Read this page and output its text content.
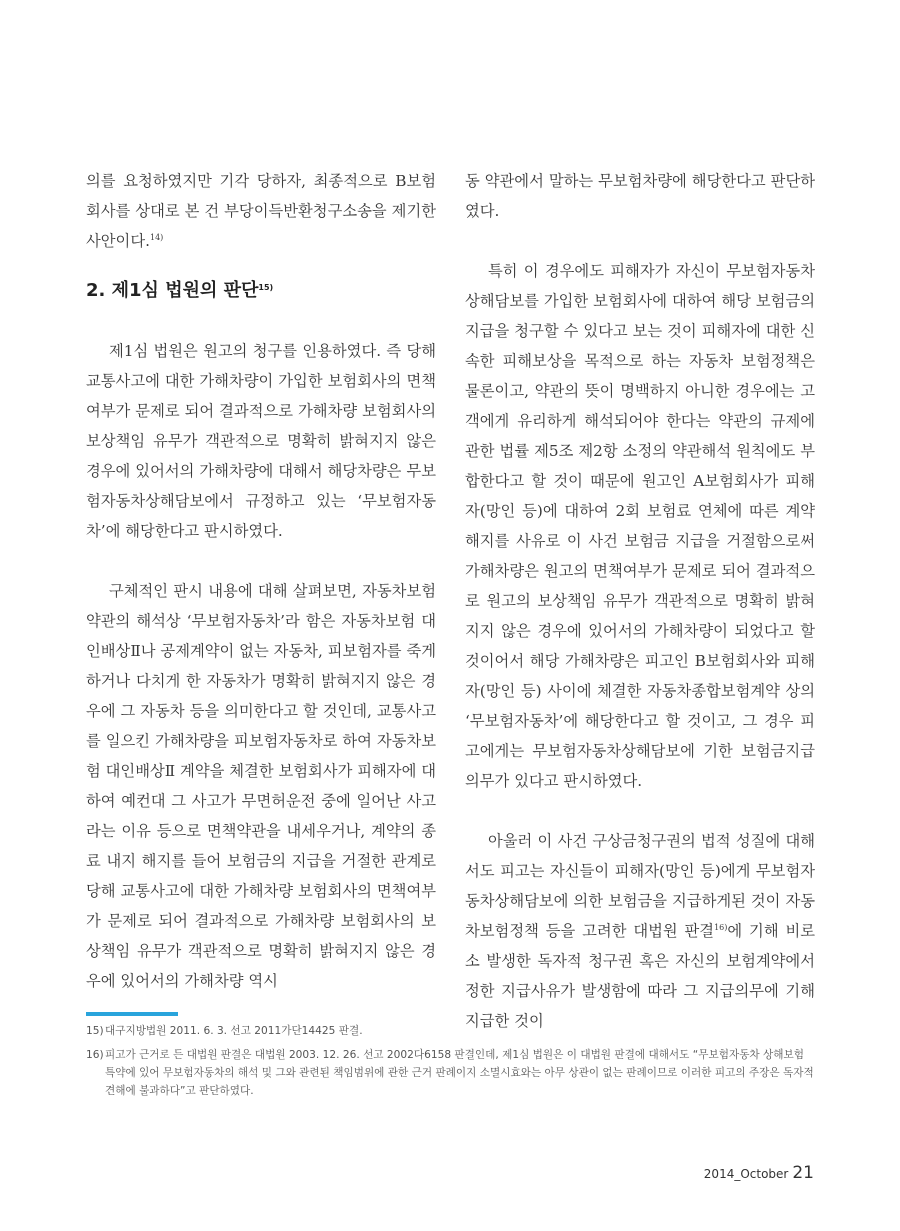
의를 요청하였지만 기각 당하자, 최종적으로 B보험회사를 상대로 본 건 부당이득반환청구소송을 제기한 사안이다.$^{14)}$

2. 제1심 법원의 판단$^{15)}$

제1심 법원은 원고의 청구를 인용하였다. 즉 당해 교통사고에 대한 가해차량이 가입한 보험회사의 면책여부가 문제로 되어 결과적으로 가해차량 보험회사의 보상책임 유무가 객관적으로 명확히 밝혀지지 않은 경우에 있어서의 가해차량에 대해서 해당차량은 무보험자동차상해담보에서 규정하고 있는 ‘무보험자동차’에 해당한다고 판시하였다.

구체적인 판시 내용에 대해 살펴보면, 자동차보험약관의 해석상 ‘무보험자동차’라 함은 자동차보험 대인배상Ⅱ나 공제계약이 없는 자동차, 피보험자를 죽게 하거나 다치게 한 자동차가 명확히 밝혀지지 않은 경우에 그 자동차 등을 의미한다고 할 것인데, 교통사고를 일으킨 가해차량을 피보험자동차로 하여 자동차보험 대인배상Ⅱ 계약을 체결한 보험회사가 피해자에 대하여 예컨대 그 사고가 무면허운전 중에 일어난 사고라는 이유 등으로 면책약관을 내세우거나, 계약의 종료 내지 해지를 들어 보험금의 지급을 거절한 관계로 당해 교통사고에 대한 가해차량 보험회사의 면책여부가 문제로 되어 결과적으로 가해차량 보험회사의 보상책임 유무가 객관적으로 명확히 밝혀지지 않은 경우에 있어서의 가해차량 역시

동 약관에서 말하는 무보험차량에 해당한다고 판단하였다.

특히 이 경우에도 피해자가 자신이 무보험자동차상해담보를 가입한 보험회사에 대하여 해당 보험금의 지급을 청구할 수 있다고 보는 것이 피해자에 대한 신속한 피해보상을 목적으로 하는 자동차 보험정책은 물론이고, 약관의 뜻이 명백하지 아니한 경우에는 고객에게 유리하게 해석되어야 한다는 약관의 규제에 관한 법률 제5조 제2항 소정의 약관해석 원칙에도 부합한다고 할 것이 때문에 원고인 A보험회사가 피해자(망인 등)에 대하여 2회 보험료 연체에 따른 계약해지를 사유로 이 사건 보험금 지급을 거절함으로써 가해차량은 원고의 면책여부가 문제로 되어 결과적으로 원고의 보상책임 유무가 객관적으로 명확히 밝혀지지 않은 경우에 있어서의 가해차량이 되었다고 할 것이어서 해당 가해차량은 피고인 B보험회사와 피해자(망인 등) 사이에 체결한 자동차종합보험계약 상의 ‘무보험자동차’에 해당한다고 할 것이고, 그 경우 피고에게는 무보험자동차상해담보에 기한 보험금지급의무가 있다고 판시하였다.

아울러 이 사건 구상금청구권의 법적 성질에 대해서도 피고는 자신들이 피해자(망인 등)에게 무보험자동차상해담보에 의한 보험금을 지급하게된 것이 자동차보험정책 등을 고려한 대법원 판결$^{16)}$에 기해 비로소 발생한 독자적 청구권 혹은 자신의 보험계약에서 정한 지급사유가 발생함에 따라 그 지급의무에 기해 지급한 것이

15) 대구지방법원 2011. 6. 3. 선고 2011가단14425 판결.

16) 피고가 근거로 든 대법원 판결은 대법원 2003. 12. 26. 선고 2002다6158 판결인데, 제1심 법원은 이 대법원 판결에 대해서도 “무보험자동차 상해보험 특약에 있어 무보험자동차의 해석 및 그와 관련된 책임범위에 관한 근거 판례이지 소멸시효와는 아무 상관이 없는 판례이므로 이러한 피고의 주장은 독자적 견해에 불과하다”고 판단하였다.

2014_October 21
